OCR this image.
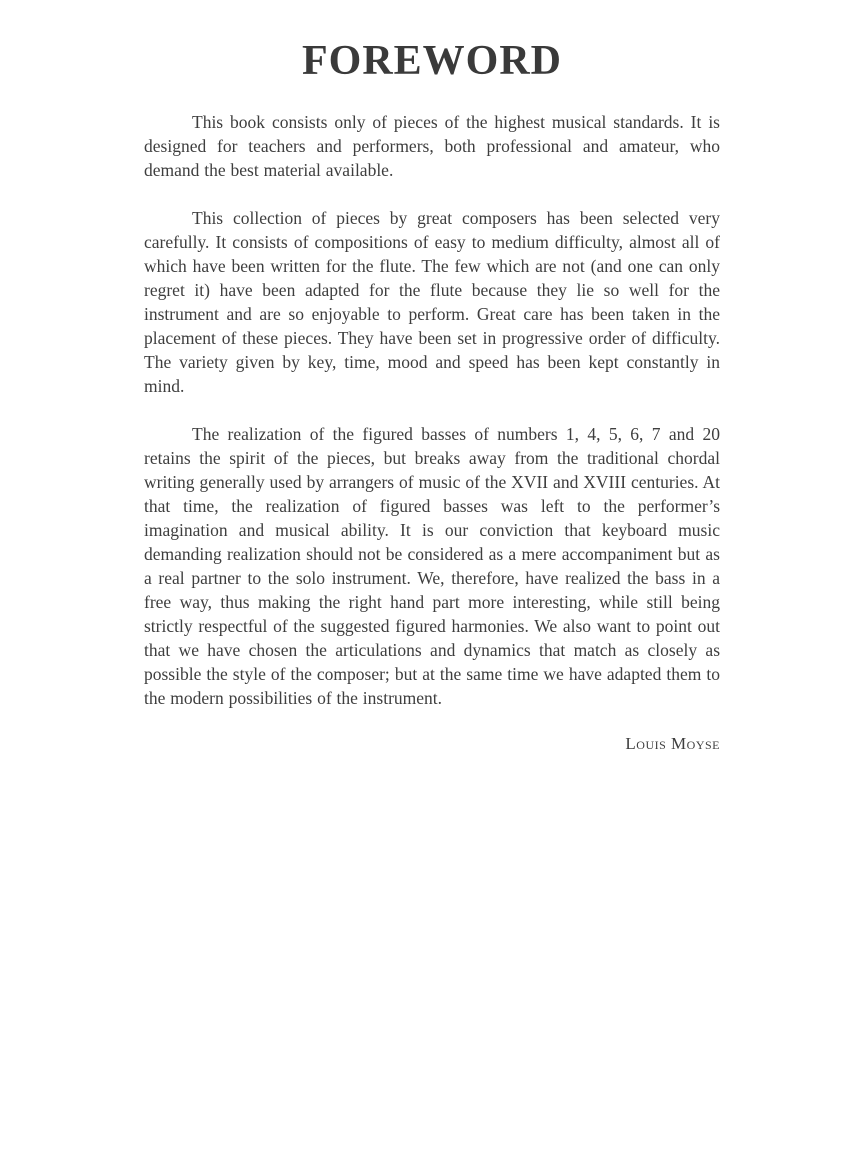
FOREWORD

This book consists only of pieces of the highest musical standards. It is designed for teachers and performers, both professional and amateur, who demand the best material available.

This collection of pieces by great composers has been selected very carefully. It consists of compositions of easy to medium difficulty, almost all of which have been written for the flute. The few which are not (and one can only regret it) have been adapted for the flute because they lie so well for the instrument and are so enjoyable to perform. Great care has been taken in the placement of these pieces. They have been set in progressive order of difficulty. The variety given by key, time, mood and speed has been kept constantly in mind.

The realization of the figured basses of numbers 1, 4, 5, 6, 7 and 20 retains the spirit of the pieces, but breaks away from the traditional chordal writing generally used by arrangers of music of the XVII and XVIII centuries. At that time, the realization of figured basses was left to the performer’s imagination and musical ability. It is our conviction that keyboard music demanding realization should not be considered as a mere accompaniment but as a real partner to the solo instrument. We, therefore, have realized the bass in a free way, thus making the right hand part more interesting, while still being strictly respectful of the suggested figured harmonies. We also want to point out that we have chosen the articulations and dynamics that match as closely as possible the style of the composer; but at the same time we have adapted them to the modern possibilities of the instrument.

Louis Moyse
